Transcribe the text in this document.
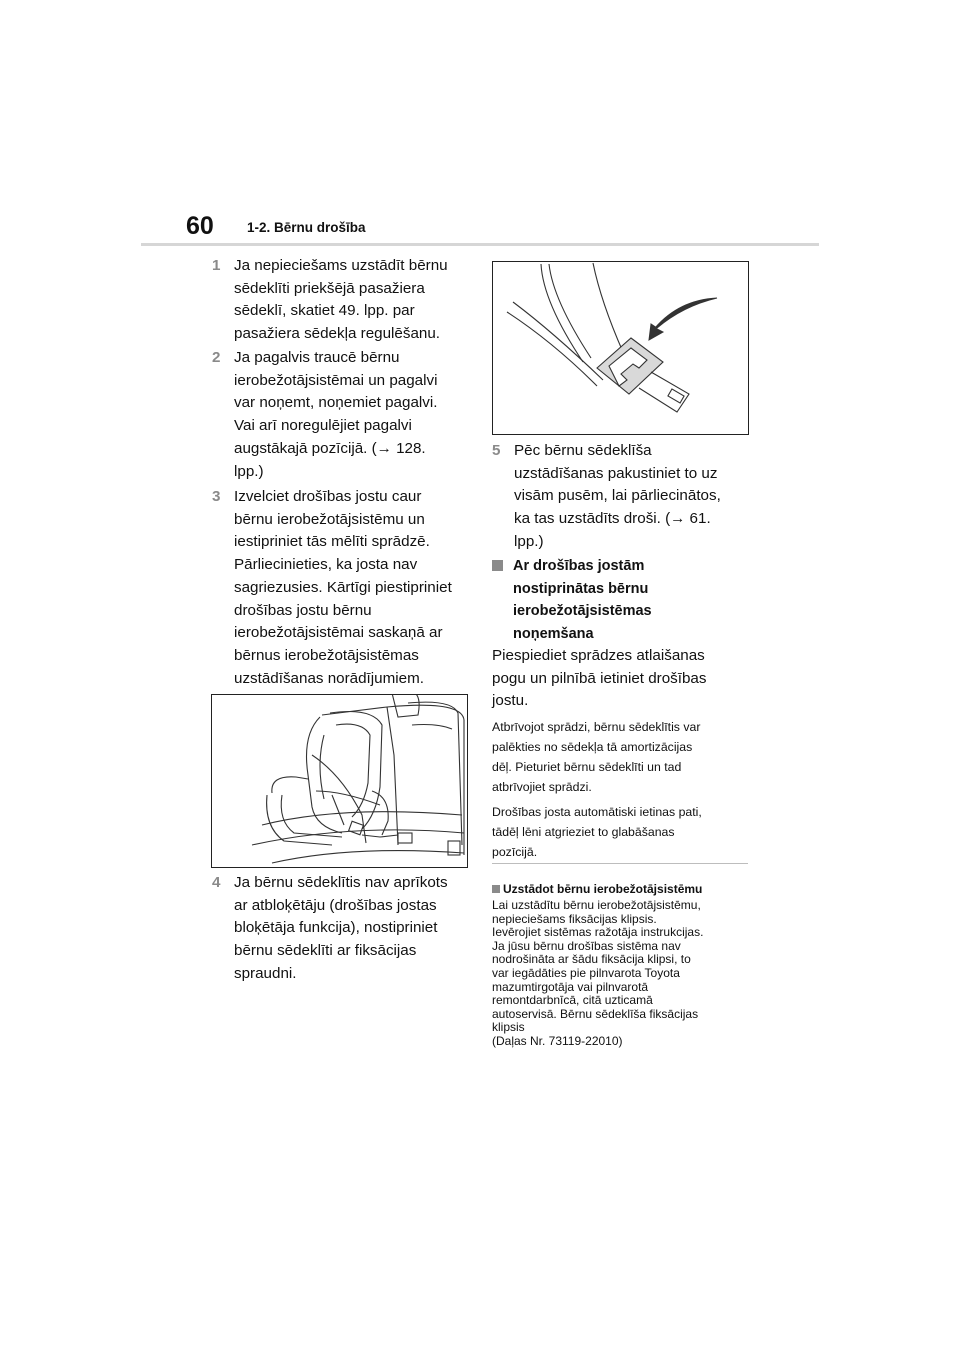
60 1-2. Bērnu drošība
1 Ja nepieciešams uzstādīt bērnu
sēdeklīti priekšējā pasažiera
sēdeklī, skatiet 49. lpp. par
pasažiera sēdekļa regulēšanu.
2 Ja pagalvis traucē bērnu
ierobežotājsistēmai un pagalvi
var noņemt, noņemiet pagalvi.
Vai arī noregulējiet pagalvi
augstākajā pozīcijā. (→ 128.
lpp.)
3 Izvelciet drošības jostu caur
bērnu ierobežotājsistēmu un
iestipriniet tās mēlīti sprādzē.
Pārliecinieties, ka josta nav
sagriezusies. Kārtīgi piestipriniet
drošības jostu bērnu
ierobežotājsistēmai saskaņā ar
bērnus ierobežotājsistēmas
uzstādīšanas norādījumiem.
4 Ja bērnu sēdeklītis nav aprīkots
ar atbloķētāju (drošības jostas
bloķētāja funkcija), nostipriniet
bērnu sēdeklīti ar fiksācijas
spraudni.
5 Pēc bērnu sēdeklīša
uzstādīšanas pakustiniet to uz
visām pusēm, lai pārliecinātos,
ka tas uzstādīts droši. (→ 61.
lpp.)
Ar drošības jostām
nostiprinātas bērnu
ierobežotājsistēmas
noņemšana
Piespiediet sprādzes atlaišanas
pogu un pilnībā ietiniet drošības
jostu.
Atbrīvojot sprādzi, bērnu sēdeklītis var
palēkties no sēdekļa tā amortizācijas
dēļ. Pieturiet bērnu sēdeklīti un tad
atbrīvojiet sprādzi.
Drošības josta automātiski ietinas pati,
tādēļ lēni atgrieziet to glabāšanas
pozīcijā.
Uzstādot bērnu ierobežotājsistēmu
Lai uzstādītu bērnu ierobežotājsistēmu,
nepieciešams fiksācijas klipsis.
Ievērojiet sistēmas ražotāja instrukcijas.
Ja jūsu bērnu drošības sistēma nav
nodrošināta ar šādu fiksācija klipsi, to
var iegādāties pie pilnvarota Toyota
mazumtirgotāja vai pilnvarotā
remontdarbnīcā, citā uzticamā
autoservisā. Bērnu sēdeklīša fiksācijas
klipsis
(Daļas Nr. 73119-22010)
